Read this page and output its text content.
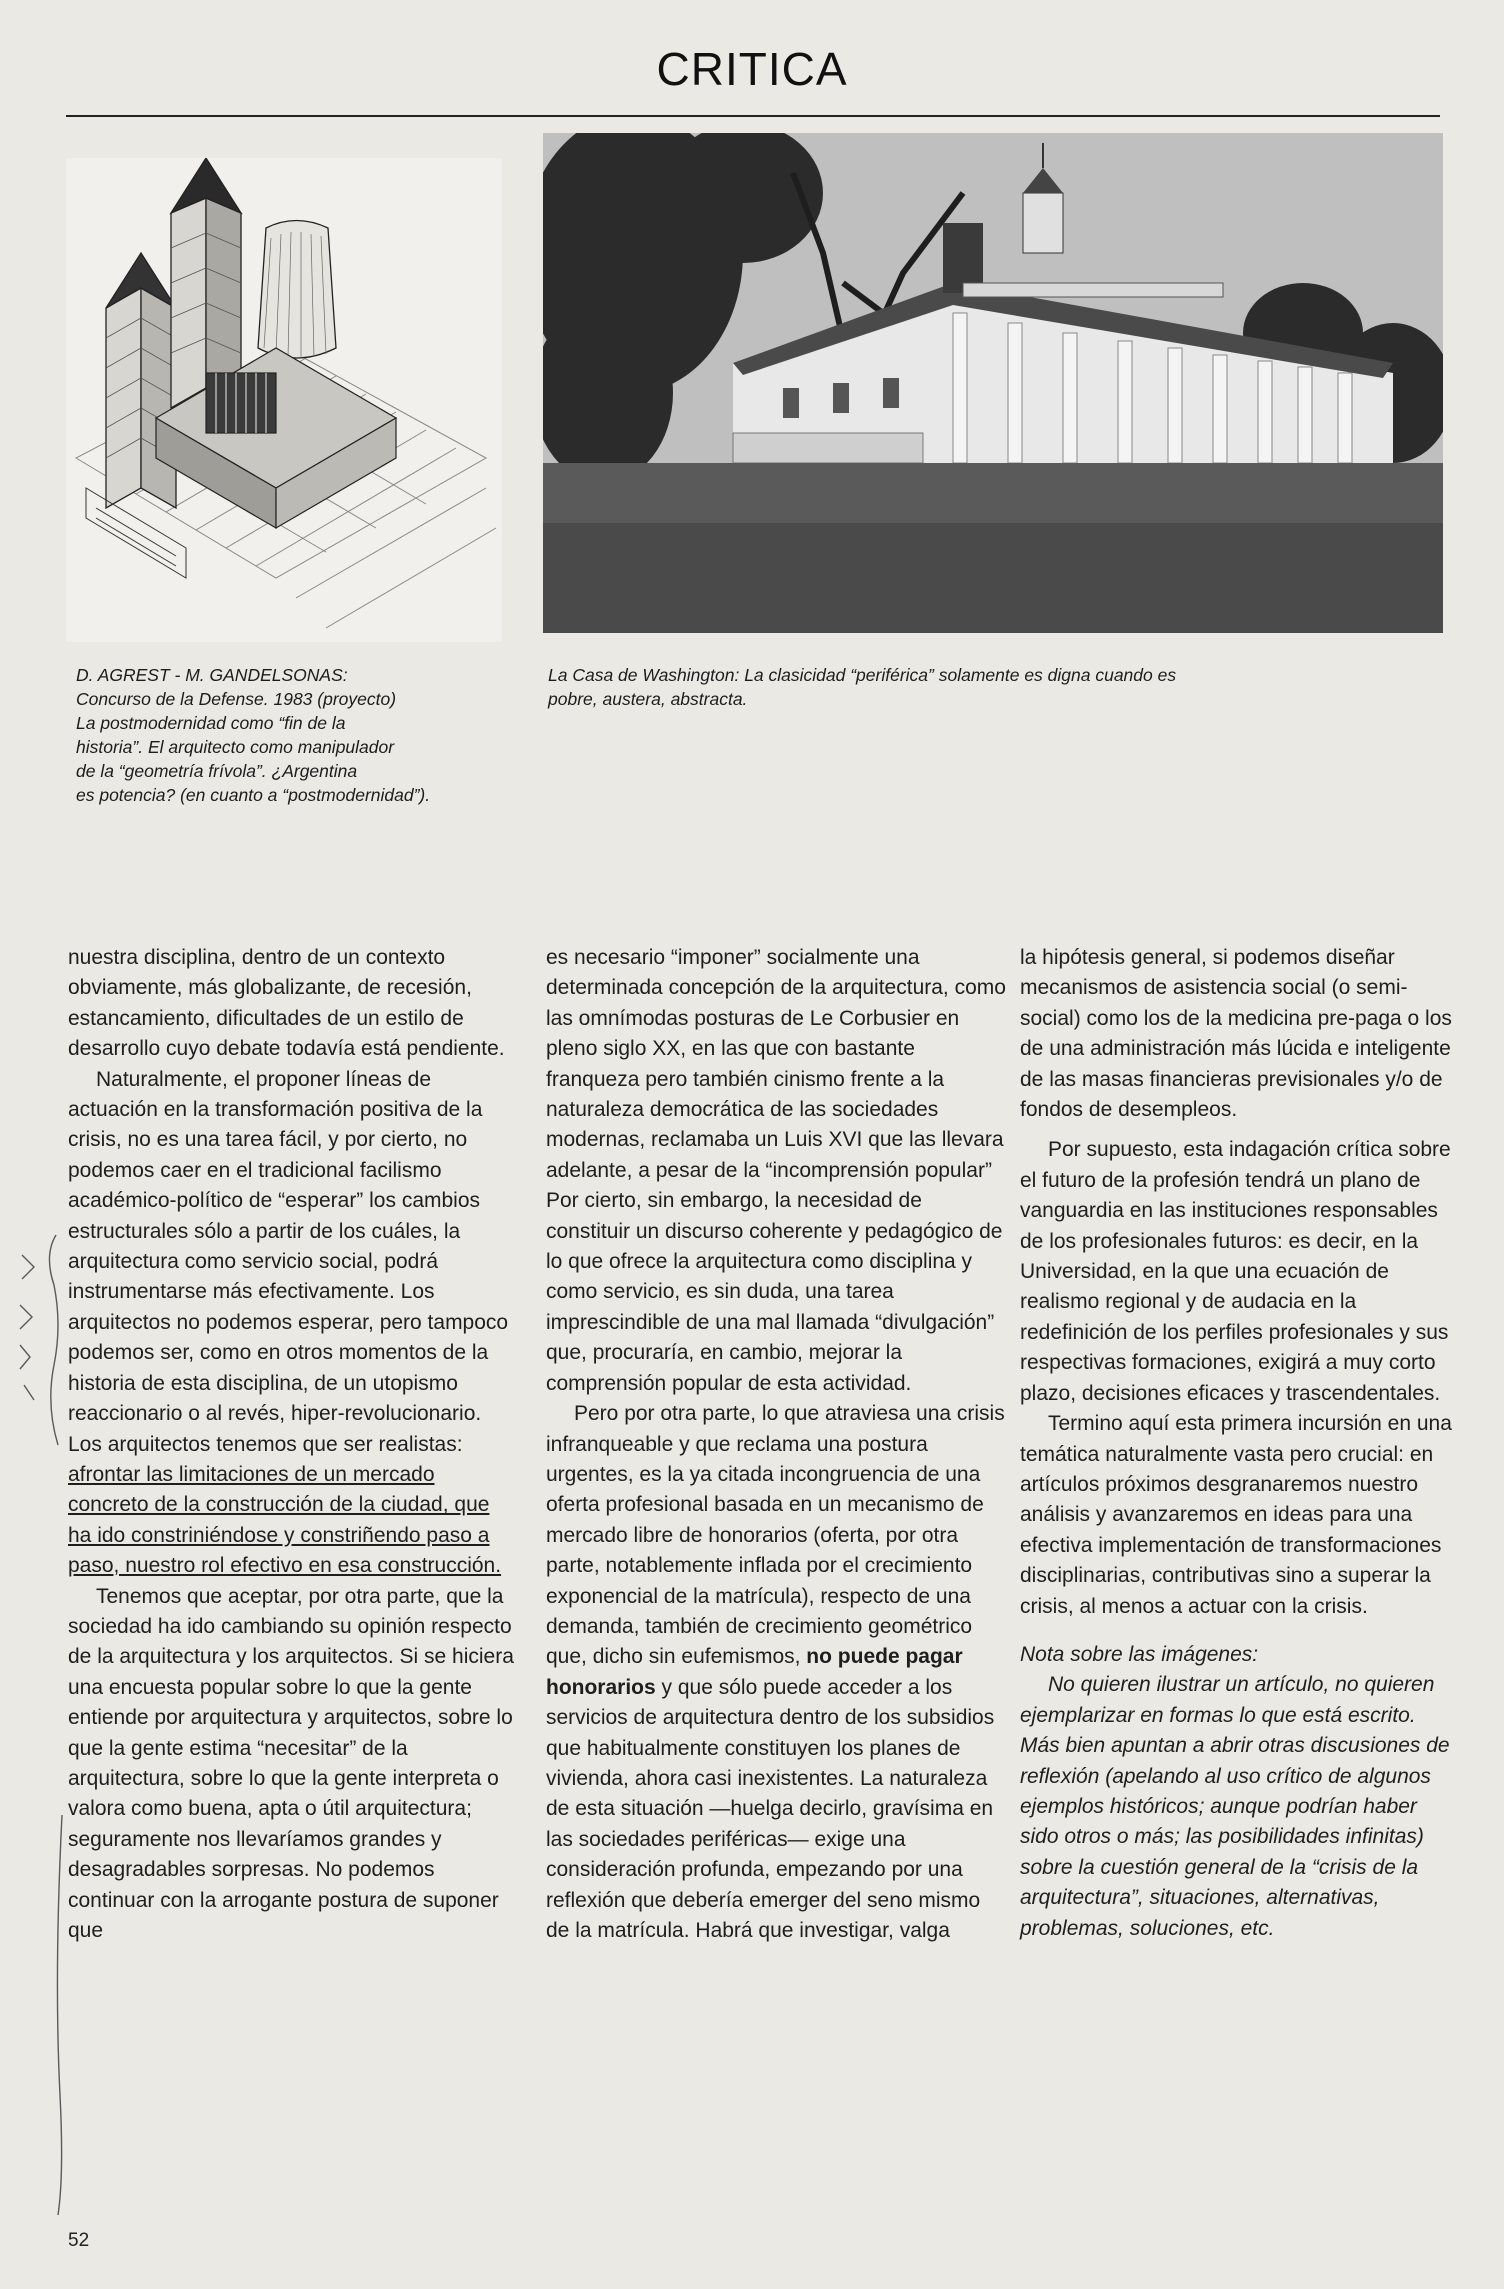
CRITICA

D. AGREST - M. GANDELSONAS:

Concurso de la Defense. 1983 (proyecto)

La postmodernidad como “fin de la

historia”. El arquitecto como manipulador

de la “geometría frívola”. ¿Argentina

es potencia? (en cuanto a “postmodernidad”).

La Casa de Washington: La clasicidad “periférica” solamente es digna cuando es

pobre, austera, abstracta.

nuestra disciplina, dentro de un contexto obviamente, más globalizante, de recesión, estancamiento, dificultades de un estilo de desarrollo cuyo debate todavía está pendiente.

Naturalmente, el proponer líneas de actuación en la transformación positiva de la crisis, no es una tarea fácil, y por cierto, no podemos caer en el tradicional facilismo académico-político de “esperar” los cambios estructurales sólo a partir de los cuáles, la arquitectura como servicio social, podrá instrumentarse más efectivamente. Los arquitectos no podemos esperar, pero tampoco podemos ser, como en otros momentos de la historia de esta disciplina, de un utopismo reaccionario o al revés, hiper-revolucionario. Los arquitectos tenemos que ser realistas: afrontar las limitaciones de un mercado concreto de la construcción de la ciudad, que ha ido constriniéndose y constriñendo paso a paso, nuestro rol efectivo en esa construcción.

Tenemos que aceptar, por otra parte, que la sociedad ha ido cambiando su opinión respecto de la arquitectura y los arquitectos. Si se hiciera una encuesta popular sobre lo que la gente entiende por arquitectura y arquitectos, sobre lo que la gente estima “necesitar” de la arquitectura, sobre lo que la gente interpreta o valora como buena, apta o útil arquitectura; seguramente nos llevaríamos grandes y desagradables sorpresas. No podemos continuar con la arrogante postura de suponer que

es necesario “imponer” socialmente una determinada concepción de la arquitectura, como las omnímodas posturas de Le Corbusier en pleno siglo XX, en las que con bastante franqueza pero también cinismo frente a la naturaleza democrática de las sociedades modernas, reclamaba un Luis XVI que las llevara adelante, a pesar de la “incomprensión popular” Por cierto, sin embargo, la necesidad de constituir un discurso coherente y pedagógico de lo que ofrece la arquitectura como disciplina y como servicio, es sin duda, una tarea imprescindible de una mal llamada “divulgación” que, procuraría, en cambio, mejorar la comprensión popular de esta actividad.

Pero por otra parte, lo que atraviesa una crisis infranqueable y que reclama una postura urgentes, es la ya citada incongruencia de una oferta profesional basada en un mecanismo de mercado libre de honorarios (oferta, por otra parte, notablemente inflada por el crecimiento exponencial de la matrícula), respecto de una demanda, también de crecimiento geométrico que, dicho sin eufemismos, no puede pagar honorarios y que sólo puede acceder a los servicios de arquitectura dentro de los subsidios que habitualmente constituyen los planes de vivienda, ahora casi inexistentes. La naturaleza de esta situación —huelga decirlo, gravísima en las sociedades periféricas— exige una consideración profunda, empezando por una reflexión que debería emerger del seno mismo de la matrícula. Habrá que investigar, valga

la hipótesis general, si podemos diseñar mecanismos de asistencia social (o semi-social) como los de la medicina pre-paga o los de una administración más lúcida e inteligente de las masas financieras previsionales y/o de fondos de desempleos.

Por supuesto, esta indagación crítica sobre el futuro de la profesión tendrá un plano de vanguardia en las instituciones responsables de los profesionales futuros: es decir, en la Universidad, en la que una ecuación de realismo regional y de audacia en la redefinición de los perfiles profesionales y sus respectivas formaciones, exigirá a muy corto plazo, decisiones eficaces y trascendentales.

Termino aquí esta primera incursión en una temática naturalmente vasta pero crucial: en artículos próximos desgranaremos nuestro análisis y avanzaremos en ideas para una efectiva implementación de transformaciones disciplinarias, contributivas sino a superar la crisis, al menos a actuar con la crisis.

Nota sobre las imágenes:

No quieren ilustrar un artículo, no quieren ejemplarizar en formas lo que está escrito. Más bien apuntan a abrir otras discusiones de reflexión (apelando al uso crítico de algunos ejemplos históricos; aunque podrían haber sido otros o más; las posibilidades infinitas) sobre la cuestión general de la “crisis de la arquitectura”, situaciones, alternativas, problemas, soluciones, etc.

52
